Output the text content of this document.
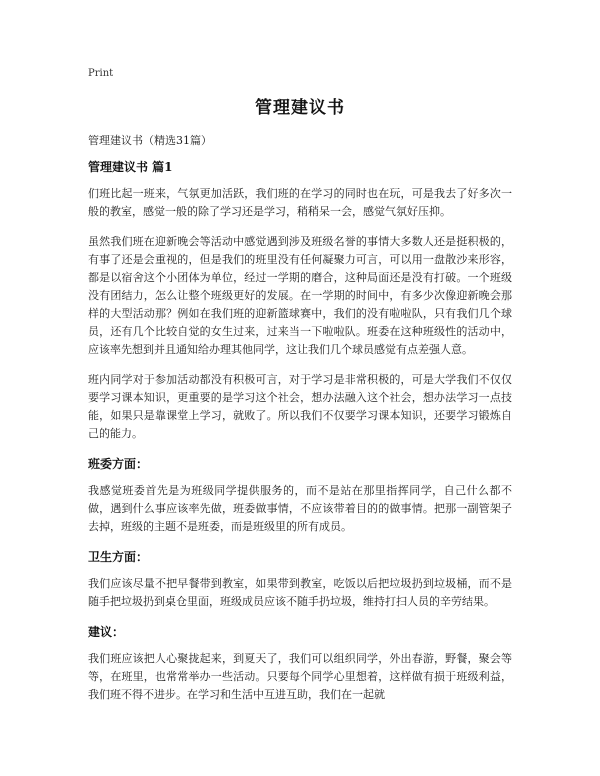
Print
管理建议书
管理建议书（精选31篇）
管理建议书 篇1

们班比起一班来，气氛更加活跃，我们班的在学习的同时也在玩，可是我去了好多次一般的教室，感觉一般的除了学习还是学习，稍稍呆一会，感觉气氛好压抑。

虽然我们班在迎新晚会等活动中感觉遇到涉及班级名誉的事情大多数人还是挺积极的，有事了还是会重视的，但是我们的班里没有任何凝聚力可言，可以用一盘散沙来形容，都是以宿舍这个小团体为单位，经过一学期的磨合，这种局面还是没有打破。一个班级没有团结力，怎么让整个班级更好的发展。在一学期的时间中，有多少次像迎新晚会那样的大型活动那？例如在我们班的迎新篮球赛中，我们的没有啦啦队，只有我们几个球员，还有几个比较自觉的女生过来，过来当一下啦啦队。班委在这种班级性的活动中，应该率先想到并且通知给办理其他同学，这让我们几个球员感觉有点差强人意。

班内同学对于参加活动都没有积极可言，对于学习是非常积极的，可是大学我们不仅仅要学习课本知识，更重要的是学习这个社会，想办法融入这个社会，想办法学习一点技能，如果只是靠课堂上学习，就败了。所以我们不仅要学习课本知识，还要学习锻炼自己的能力。

班委方面：

我感觉班委首先是为班级同学提供服务的，而不是站在那里指挥同学，自己什么都不做，遇到什么事应该率先做，班委做事情，不应该带着目的的做事情。把那一副管架子去掉，班级的主题不是班委，而是班级里的所有成员。

卫生方面：

我们应该尽量不把早餐带到教室，如果带到教室，吃饭以后把垃圾扔到垃圾桶，而不是随手把垃圾扔到桌仓里面，班级成员应该不随手扔垃圾，维持打扫人员的辛劳结果。

建议：

我们班应该把人心聚拢起来，到夏天了，我们可以组织同学，外出春游，野餐，聚会等等，在班里，也常常举办一些活动。只要每个同学心里想着，这样做有损于班级利益，我们班不得不进步。在学习和生活中互进互助，我们在一起就
